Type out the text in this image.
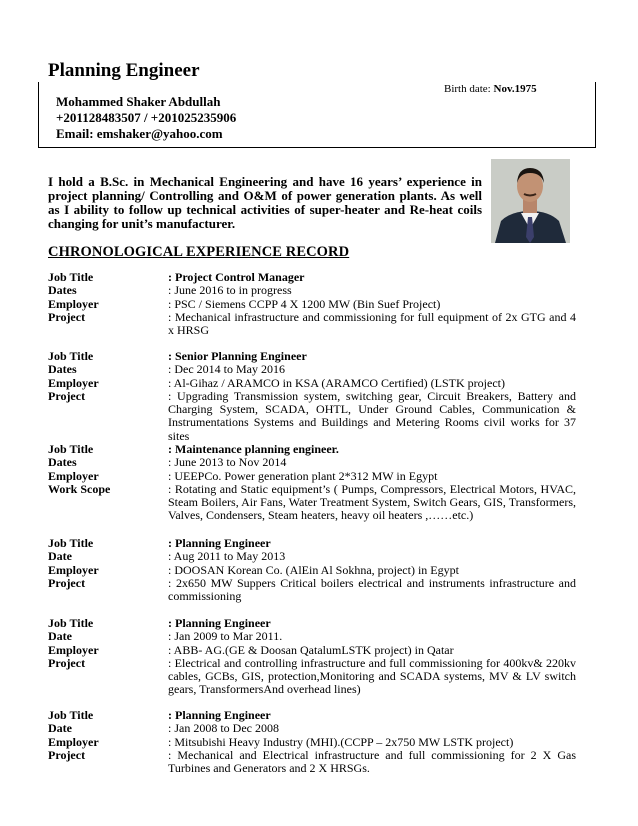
Planning Engineer
Birth date: Nov.1975
Mohammed Shaker Abdullah
+201128483507 / +201025235906
Email: emshaker@yahoo.com
I hold a B.Sc. in Mechanical Engineering and have 16 years’ experience in project planning/ Controlling and O&M of power generation plants. As well as I ability to follow up technical activities of super-heater and Re-heat coils changing for unit’s manufacturer.
CHRONOLOGICAL EXPERIENCE RECORD
Job Title	: Project Control Manager
Dates	: June 2016 to in progress
Employer	: PSC / Siemens CCPP 4 X 1200 MW (Bin Suef Project)
Project	: Mechanical infrastructure and commissioning for full equipment of 2x GTG and 4 x HRSG
Job Title	: Senior Planning Engineer
Dates	: Dec 2014 to May 2016
Employer	: Al-Gihaz / ARAMCO in KSA (ARAMCO Certified) (LSTK project)
Project	: Upgrading Transmission system, switching gear, Circuit Breakers, Battery and Charging System, SCADA, OHTL, Under Ground Cables, Communication & Instrumentations Systems and Buildings and Metering Rooms civil works for 37 sites
Job Title	: Maintenance planning engineer.
Dates	: June 2013 to Nov 2014
Employer	: UEEPCo. Power generation plant 2*312 MW in Egypt
Work Scope	: Rotating and Static equipment’s ( Pumps, Compressors, Electrical Motors, HVAC, Steam Boilers, Air Fans, Water Treatment System, Switch Gears, GIS, Transformers, Valves, Condensers, Steam heaters, heavy oil heaters ,……etc.)
Job Title	: Planning Engineer
Date	: Aug 2011 to May 2013
Employer	: DOOSAN Korean Co. (AlEin Al Sokhna, project) in Egypt
Project	: 2x650 MW Suppers Critical boilers electrical and instruments infrastructure and commissioning
Job Title	: Planning Engineer
Date	: Jan 2009 to Mar 2011.
Employer	: ABB- AG.(GE & Doosan QatalumLSTK project) in Qatar
Project	: Electrical and controlling infrastructure and full commissioning for 400kv& 220kv cables, GCBs, GIS, protection,Monitoring and SCADA systems, MV & LV switch gears, TransformersAnd overhead lines)
Job Title	: Planning Engineer
Date	: Jan 2008 to Dec 2008
Employer	: Mitsubishi Heavy Industry (MHI).(CCPP – 2x750 MW LSTK project)
Project	: Mechanical and Electrical infrastructure and full commissioning for 2 X Gas Turbines and Generators and 2 X HRSGs.
